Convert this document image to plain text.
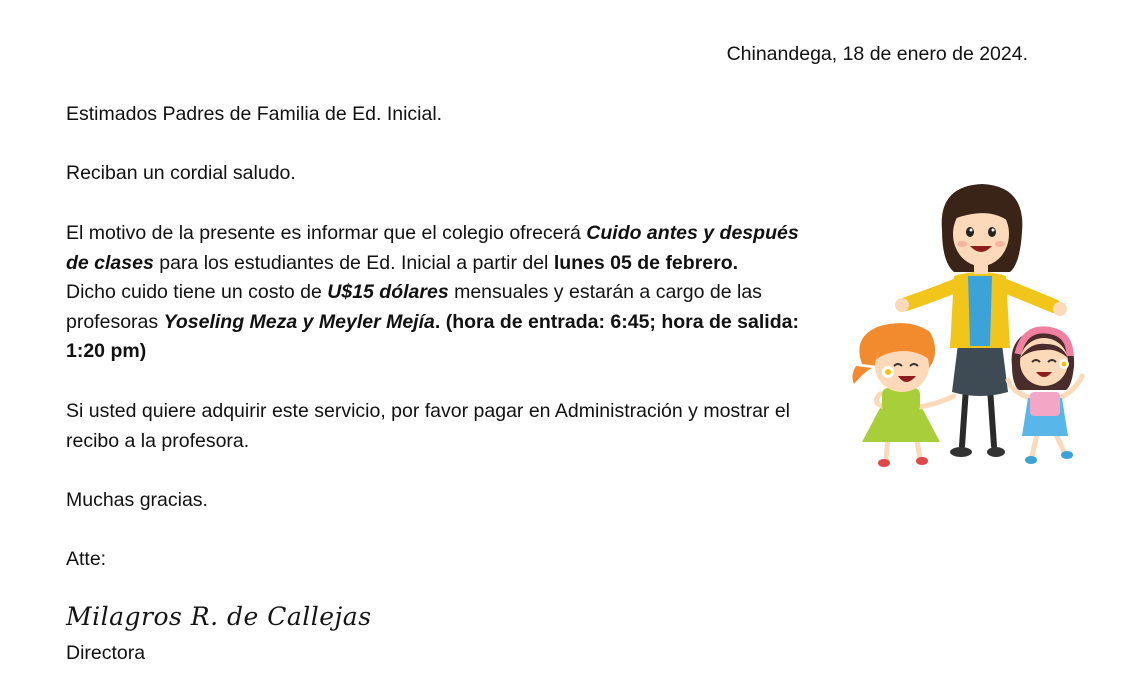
Chinandega, 18 de enero de 2024.
Estimados Padres de Familia de Ed. Inicial.
Reciban un cordial saludo.
El motivo de la presente es informar que el colegio ofrecerá Cuido antes y después
de clases para los estudiantes de Ed. Inicial a partir del lunes 05 de febrero.
Dicho cuido tiene un costo de U$15 dólares mensuales y estarán a cargo de las
profesoras Yoseling Meza y Meyler Mejía. (hora de entrada: 6:45; hora de salida:
1:20 pm)
Si usted quiere adquirir este servicio, por favor pagar en Administración y mostrar el
recibo a la profesora.
Muchas gracias.
Atte:
Milagros R. de Callejas
Directora
